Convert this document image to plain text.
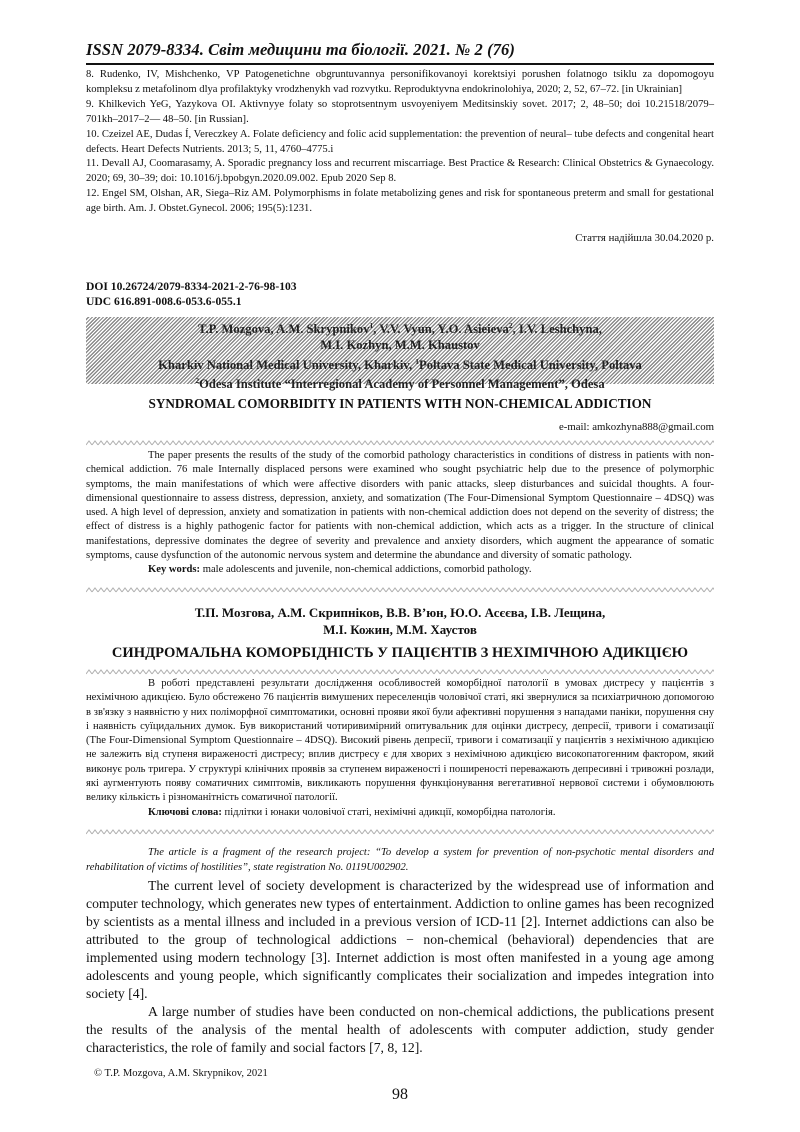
ISSN 2079-8334. Світ медицини та біології. 2021. № 2 (76)

8. Rudenko, IV, Mishchenko, VP Patogenetichne obgruntuvannya personifikovanoyi korektsiyi porushen folatnogo tsiklu za dopomogoyu kompleksu z metafolinom dlya profilaktyky vrodzhenykh vad rozvytku. Reproduktyvna endokrinolohiya, 2020; 2, 52, 67–72. [in Ukrainian]

9. Khilkevich YeG, Yazykova OI. Aktivnyye folaty so stoprotsentnym usvoyeniyem Meditsinskiy sovet. 2017; 2, 48–50; doi 10.21518/2079–701kh–2017–2— 48–50. [in Russian].

10. Czeizel AE, Dudas Í, Vereczkey A. Folate deficiency and folic acid supplementation: the prevention of neural– tube defects and congenital heart defects. Heart Defects Nutrients. 2013; 5, 11, 4760–4775.i

11. Devall AJ, Coomarasamy, A. Sporadic pregnancy loss and recurrent miscarriage. Best Practice & Research: Clinical Obstetrics & Gynaecology. 2020; 69, 30–39; doi: 10.1016/j.bpobgyn.2020.09.002. Epub 2020 Sep 8.

12. Engel SM, Olshan, AR, Siega–Riz AM. Polymorphisms in folate metabolizing genes and risk for spontaneous preterm and small for gestational age birth. Am. J. Obstet.Gynecol. 2006; 195(5):1231.

Стаття надійшла 30.04.2020 р.
DOI 10.26724/2079-8334-2021-2-76-98-103
UDC 616.891-008.6-053.6-055.1
T.P. Mozgova, A.M. Skrypnikov$^1$, V.V. Vyun, Y.O. Asieieva$^2$, I.V. Leshchyna,
M.I. Kozhyn, M.M. Khaustov
Kharkiv National Medical University, Kharkiv, $^1$Poltava State Medical University, Poltava
$^2$Odesa Institute “Interregional Academy of Personnel Management”, Odesa
SYNDROMAL COMORBIDITY IN PATIENTS WITH NON-CHEMICAL ADDICTION
e-mail: amkozhyna888@gmail.com

The paper presents the results of the study of the comorbid pathology characteristics in conditions of distress in patients with non-chemical addiction. 76 male Internally displaced persons were examined who sought psychiatric help due to the presence of polymorphic symptoms, the main manifestations of which were affective disorders with panic attacks, sleep disturbances and suicidal thoughts. A four-dimensional questionnaire to assess distress, depression, anxiety, and somatization (The Four-Dimensional Symptom Questionnaire – 4DSQ) was used. A high level of depression, anxiety and somatization in patients with non-chemical addiction does not depend on the severity of distress; the effect of distress is a highly pathogenic factor for patients with non-chemical addiction, which acts as a trigger. In the structure of clinical manifestations, depressive dominates the degree of severity and prevalence and anxiety disorders, which augment the appearance of somatic symptoms, cause dysfunction of the autonomic nervous system and determine the abundance and diversity of somatic pathology.

Key words: male adolescents and juvenile, non-chemical addictions, comorbid pathology.

Т.П. Мозгова, А.М. Скрипніков, В.В. В’юн, Ю.О. Асєєва, І.В. Лещина,
М.І. Кожин, М.М. Хаустов
СИНДРОМАЛЬНА КОМОРБІДНІСТЬ У ПАЦІЄНТІВ З НЕХІМІЧНОЮ АДИКЦІЄЮ

В роботі представлені результати дослідження особливостей коморбідної патології в умовах дистресу у пацієнтів з нехімічною адикцією. Було обстежено 76 пацієнтів вимушених переселенців чоловічої статі, які звернулися за психіатричною допомогою в зв'язку з наявністю у них поліморфної симптоматики, основні прояви якої були афективні порушення з нападами паніки, порушення сну і наявність суїцидальних думок. Був використаний чотиривимірний опитувальник для оцінки дистресу, депресії, тривоги і соматизації (The Four-Dimensional Symptom Questionnaire – 4DSQ). Високий рівень депресії, тривоги і соматизації у пацієнтів з нехімічною адикцією не залежить від ступеня вираженості дистресу; вплив дистресу є для хворих з нехімічною адикцією високопатогенним фактором, який виконує роль тригера. У структурі клінічних проявів за ступенем вираженості і поширеності переважають депресивні і тривожні розлади, які аугментують появу соматичних симптомів, викликають порушення функціонування вегетативної нервової системи і обумовлюють велику кількість і різноманітність соматичної патології.

Ключові слова: підлітки і юнаки чоловічої статі, нехімічні адикції, коморбідна патологія.

The article is a fragment of the research project: “To develop a system for prevention of non-psychotic mental disorders and rehabilitation of victims of hostilities”, state registration No. 0119U002902.

The current level of society development is characterized by the widespread use of information and computer technology, which generates new types of entertainment. Addiction to online games has been recognized by scientists as a mental illness and included in a previous version of ICD-11 [2]. Internet addictions can also be attributed to the group of technological addictions − non-chemical (behavioral) dependencies that are implemented using modern technology [3]. Internet addiction is most often manifested in a young age among adolescents and young people, which significantly complicates their socialization and impedes integration into society [4].

A large number of studies have been conducted on non-chemical addictions, the publications present the results of the analysis of the mental health of adolescents with computer addiction, study gender characteristics, the role of family and social factors [7, 8, 12].

© T.P. Mozgova, A.M. Skrypnikov, 2021
98
